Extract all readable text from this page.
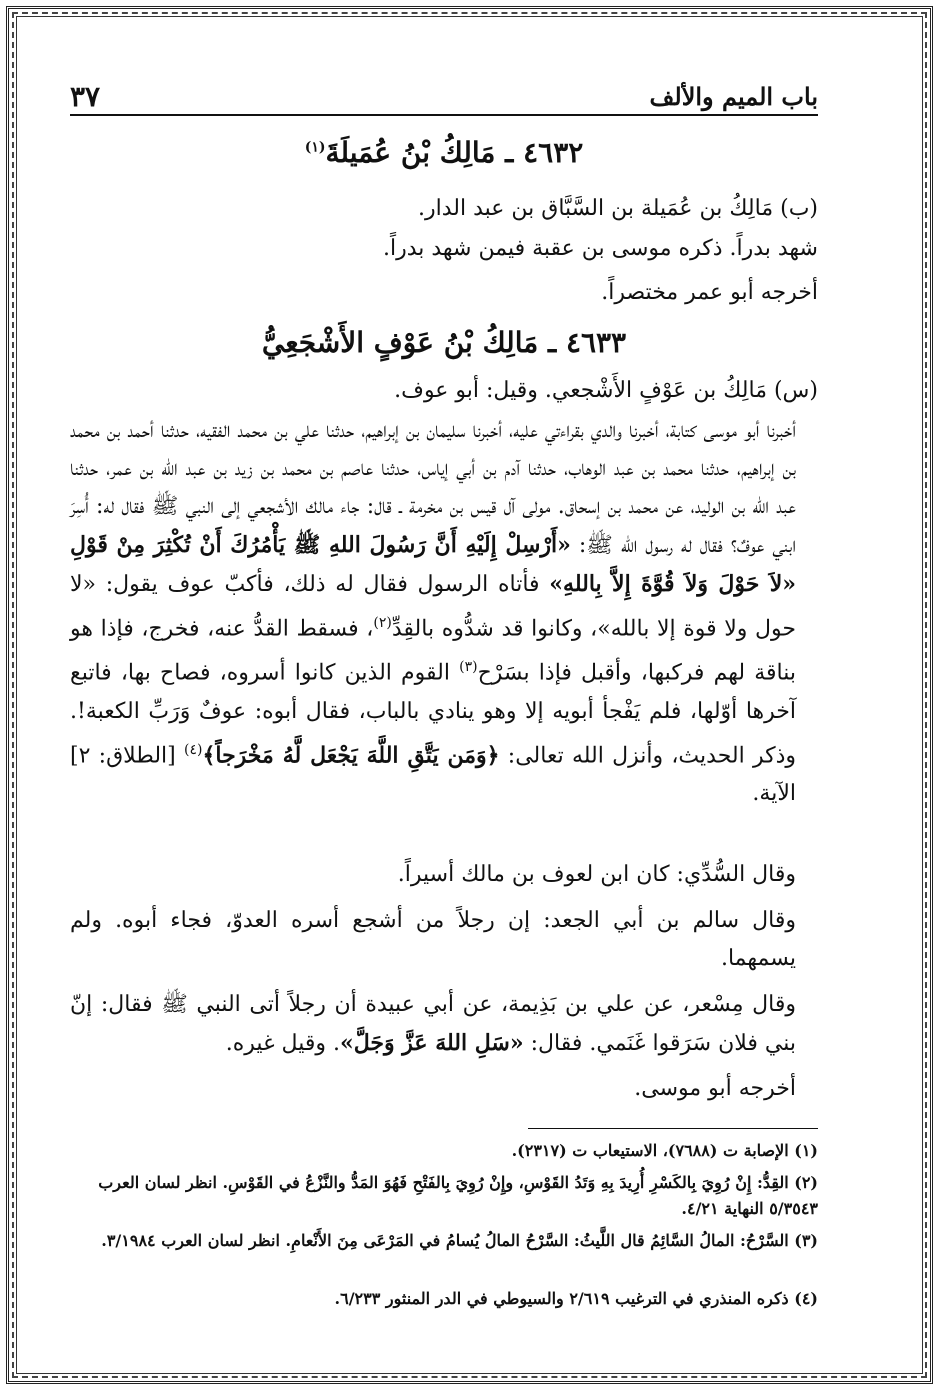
باب الميم والألف
٣٧
٤٦٣٢ ـ مَالِكُ بْنُ عُمَيلَةَ$^{(١)}$
(ب) مَالِكُ بن عُمَيلة بن السَّبَّاق بن عبد الدار.
شهد بدراً. ذكره موسى بن عقبة فيمن شهد بدراً.
أخرجه أبو عمر مختصراً.
٤٦٣٣ ـ مَالِكُ بْنُ عَوْفٍ الأَشْجَعِيُّ
(س) مَالِكُ بن عَوْفٍ الأَشْجعي. وقيل: أبو عوف.
أخبرنا أبو موسى كتابة، أخبرنا والدي بقراءتي عليه، أخبرنا سليمان بن إبراهيم، حدثنا علي بن محمد الفقيه، حدثنا أحمد بن محمد بن إبراهيم، حدثنا محمد بن عبد الوهاب، حدثنا آدم بن أبي إياس، حدثنا عاصم بن محمد بن زيد بن عبد الله بن عمر، حدثنا عبد الله بن الوليد، عن محمد بن إسحاق. مولى آل قيس بن مخرمة ـ قال: جاء مالك الأشجعي إلى النبي ﷺ فقال له: أُسِرَ ابني عوفٌ؟ فقال له رسول الله ﷺ: «أَرْسِلْ إِلَيْهِ أَنَّ رَسُولَ اللهِ ﷺ يَأْمُرُكَ أَنْ تُكْثِرَ مِنْ قَوْلِ «لاَ حَوْلَ وَلاَ قُوَّةَ إِلاَّ بِاللهِ» فأتاه الرسول فقال له ذلك، فأكبّ عوف يقول: «لا حول ولا قوة إلا بالله»، وكانوا قد شدُّوه بالقِدِّ$^{(٢)}$، فسقط القدُّ عنه، فخرج، فإذا هو بناقة لهم فركبها، وأقبل فإذا بسَرْح$^{(٣)}$ القوم الذين كانوا أسروه، فصاح بها، فاتبع آخرها أوّلها، فلم يَفْجأ أبويه إلا وهو ينادي بالباب، فقال أبوه: عوفٌ وَرَبِّ الكعبة!. وذكر الحديث، وأنزل الله تعالى: ﴿وَمَن يَتَّقِ اللَّهَ يَجْعَل لَّهُ مَخْرَجاً﴾$^{(٤)}$ [الطلاق: ٢] الآية.
وقال السُّدِّي: كان ابن لعوف بن مالك أسيراً.
وقال سالم بن أبي الجعد: إن رجلاً من أشجع أسره العدوّ، فجاء أبوه. ولم يسمهما.
وقال مِسْعر، عن علي بن بَذِيمة، عن أبي عبيدة أن رجلاً أتى النبي ﷺ فقال: إنّ بني فلان سَرَقوا غَنَمي. فقال: «سَلِ اللهَ عَزَّ وَجَلَّ». وقيل غيره.
أخرجه أبو موسى.
(١) الإصابة ت (٧٦٨٨)، الاستيعاب ت (٢٣١٧).
(٢) القِدُّ: إِنْ رُوِيَ بِالكَسْرِ أُرِيدَ بِهِ وَتَدُ القَوْسِ، وإِنْ رُوِيَ بِالفَتْحِ فَهُوَ المَدُّ والنَّزْعُ في القَوْسِ. انظر لسان العرب ٥/٣٥٤٣ النهاية ٤/٢١.
(٣) السَّرْحُ: المالُ السَّائِمُ قال اللَّيثُ: السَّرْحُ المالُ يُسامُ في المَرْعَى مِنَ الأَنْعامِ. انظر لسان العرب ٣/١٩٨٤.
(٤) ذكره المنذري في الترغيب ٢/٦١٩ والسيوطي في الدر المنثور ٦/٢٣٣.
